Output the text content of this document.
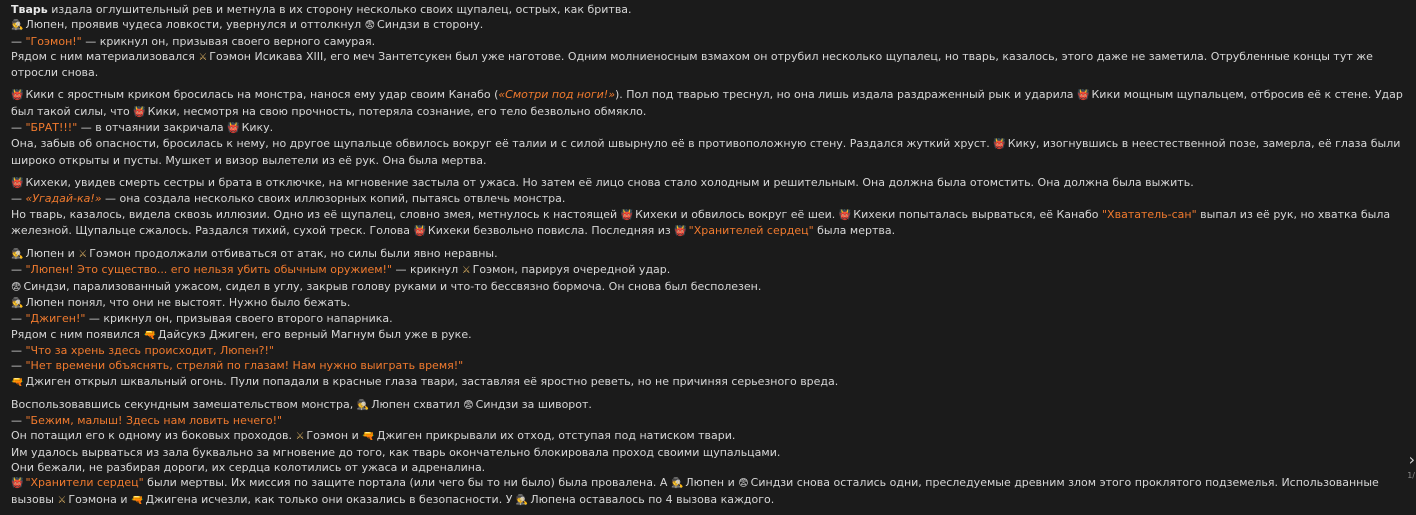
Тварь издала оглушительный рев и метнула в их сторону несколько своих щупалец, острых, как бритва.
🕵 Люпен, проявив чудеса ловкости, увернулся и оттолкнул 😨 Синдзи в сторону.
— "Гоэмон!" — крикнул он, призывая своего верного самурая.
Рядом с ним материализовался ⚔ Гоэмон Исикава XIII, его меч Зантетсукен был уже наготове. Одним молниеносным взмахом он отрубил несколько щупалец, но тварь, казалось, этого даже не заметила. Отрубленные концы тут же отросли снова.
👹 Кики с яростным криком бросилась на монстра, нанося ему удар своим Канабо («Смотри под ноги!»). Пол под тварью треснул, но она лишь издала раздраженный рык и ударила 👹 Кики мощным щупальцем, отбросив её к стене. Удар был такой силы, что 👹 Кики, несмотря на свою прочность, потеряла сознание, его тело безвольно обмякло.
— "БРАТ!!!" — в отчаянии закричала 👹 Кику.
Она, забыв об опасности, бросилась к нему, но другое щупальце обвилось вокруг её талии и с силой швырнуло её в противоположную стену. Раздался жуткий хруст. 👹 Кику, изогнувшись в неестественной позе, замерла, её глаза были широко открыты и пусты. Мушкет и визор вылетели из её рук. Она была мертва.
👹 Кихеки, увидев смерть сестры и брата в отключке, на мгновение застыла от ужаса. Но затем её лицо снова стало холодным и решительным. Она должна была отомстить. Она должна была выжить.
— «Угадай-ка!» — она создала несколько своих иллюзорных копий, пытаясь отвлечь монстра.
Но тварь, казалось, видела сквозь иллюзии. Одно из её щупалец, словно змея, метнулось к настоящей 👹 Кихеки и обвилось вокруг её шеи. 👹 Кихеки попыталась вырваться, её Канабо "Хвататель-сан" выпал из её рук, но хватка была железной. Щупальце сжалось. Раздался тихий, сухой треск. Голова 👹 Кихеки безвольно повисла. Последняя из 👹 "Хранителей сердец" была мертва.
🕵 Люпен и ⚔ Гоэмон продолжали отбиваться от атак, но силы были явно неравны.
— "Люпен! Это существо... его нельзя убить обычным оружием!" — крикнул ⚔ Гоэмон, парируя очередной удар.
😨 Синдзи, парализованный ужасом, сидел в углу, закрыв голову руками и что-то бессвязно бормоча. Он снова был бесполезен.
🕵 Люпен понял, что они не выстоят. Нужно было бежать.
— "Джиген!" — крикнул он, призывая своего второго напарника.
Рядом с ним появился 🔫 Дайсукэ Джиген, его верный Магнум был уже в руке.
— "Что за хрень здесь происходит, Люпен?!"
— "Нет времени объяснять, стреляй по глазам! Нам нужно выиграть время!"
🔫 Джиген открыл шквальный огонь. Пули попадали в красные глаза твари, заставляя её яростно реветь, но не причиняя серьезного вреда.
Воспользовавшись секундным замешательством монстра, 🕵 Люпен схватил 😨 Синдзи за шиворот.
— "Бежим, малыш! Здесь нам ловить нечего!"
Он потащил его к одному из боковых проходов. ⚔ Гоэмон и 🔫 Джиген прикрывали их отход, отступая под натиском твари.
Им удалось вырваться из зала буквально за мгновение до того, как тварь окончательно блокировала проход своими щупальцами.
Они бежали, не разбирая дороги, их сердца колотились от ужаса и адреналина.
👹 "Хранители сердец" были мертвы. Их миссия по защите портала (или чего бы то ни было) была провалена. А 🕵 Люпен и 😨 Синдзи снова остались одни, преследуемые древним злом этого проклятого подземелья. Использованные вызовы ⚔ Гоэмона и 🔫 Джигена исчезли, как только они оказались в безопасности. У 🕵 Люпена оставалось по 4 вызова каждого.
›
1/
